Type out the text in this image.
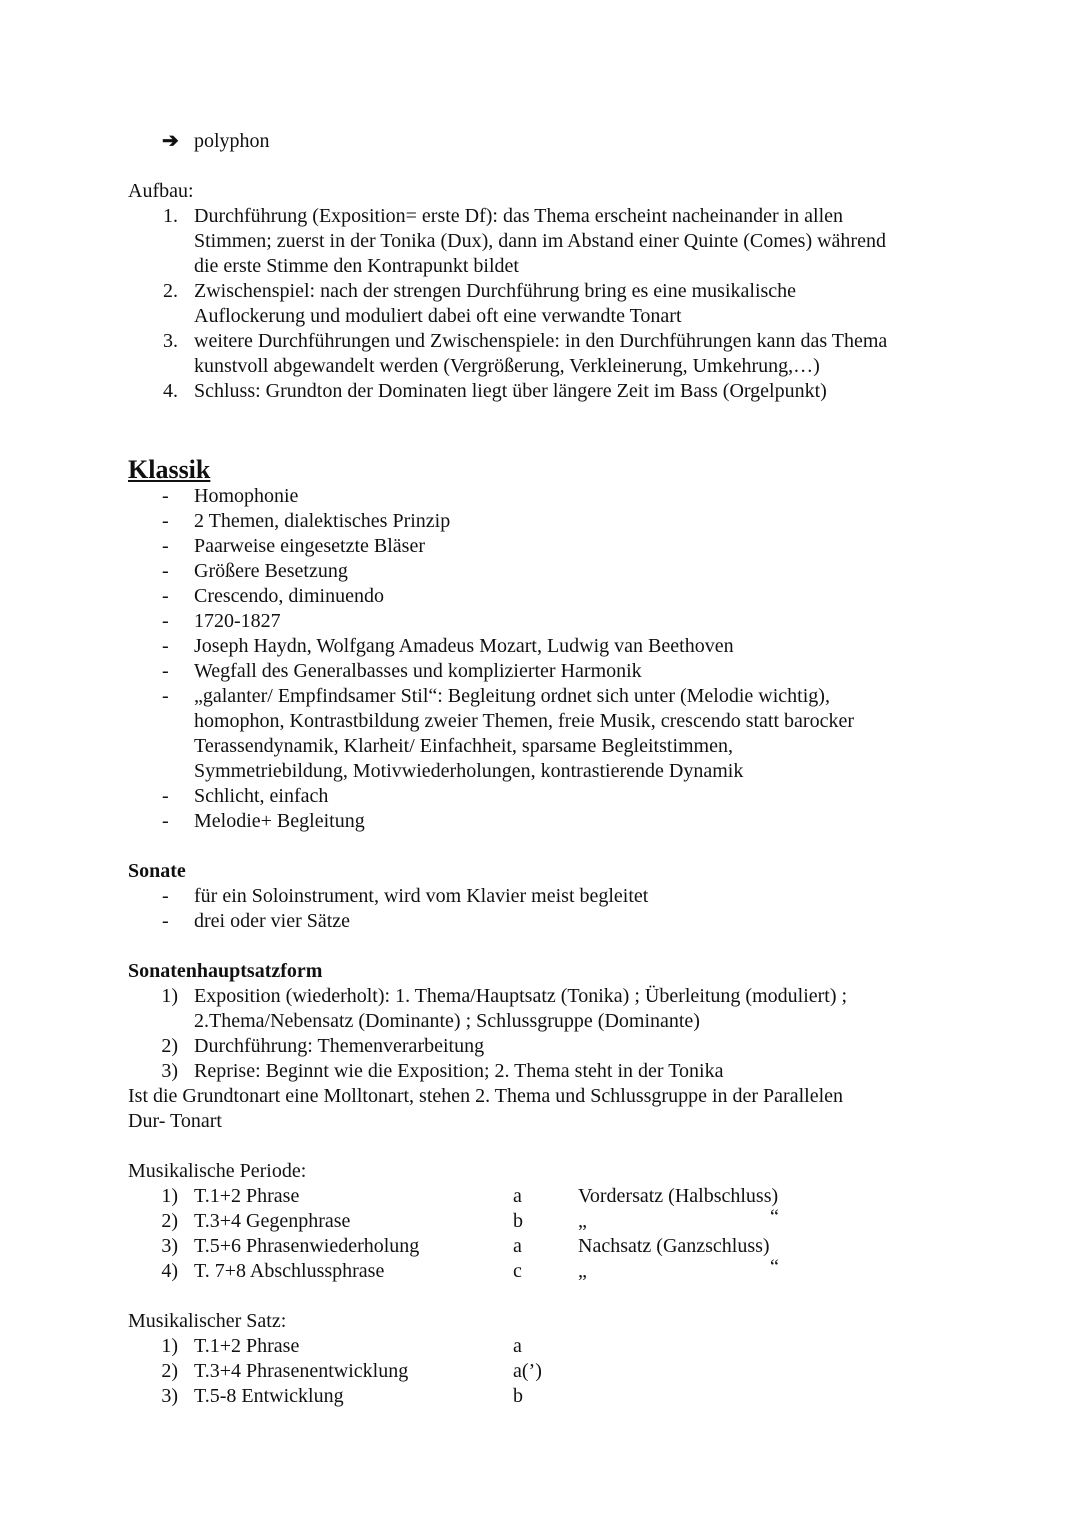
➔ polyphon
Aufbau:
1. Durchführung (Exposition= erste Df): das Thema erscheint nacheinander in allen
Stimmen; zuerst in der Tonika (Dux), dann im Abstand einer Quinte (Comes) während
die erste Stimme den Kontrapunkt bildet
2. Zwischenspiel: nach der strengen Durchführung bring es eine musikalische
Auflockerung und moduliert dabei oft eine verwandte Tonart
3. weitere Durchführungen und Zwischenspiele: in den Durchführungen kann das Thema
kunstvoll abgewandelt werden (Vergrößerung, Verkleinerung, Umkehrung,…)
4. Schluss: Grundton der Dominaten liegt über längere Zeit im Bass (Orgelpunkt)
Klassik
- Homophonie
- 2 Themen, dialektisches Prinzip
- Paarweise eingesetzte Bläser
- Größere Besetzung
- Crescendo, diminuendo
- 1720-1827
- Joseph Haydn, Wolfgang Amadeus Mozart, Ludwig van Beethoven
- Wegfall des Generalbasses und komplizierter Harmonik
- „galanter/ Empfindsamer Stil“: Begleitung ordnet sich unter (Melodie wichtig),
homophon, Kontrastbildung zweier Themen, freie Musik, crescendo statt barocker
Terassendynamik, Klarheit/ Einfachheit, sparsame Begleitstimmen,
Symmetriebildung, Motivwiederholungen, kontrastierende Dynamik
- Schlicht, einfach
- Melodie+ Begleitung
Sonate
- für ein Soloinstrument, wird vom Klavier meist begleitet
- drei oder vier Sätze
Sonatenhauptsatzform
1) Exposition (wiederholt): 1. Thema/Hauptsatz (Tonika) ; Überleitung (moduliert) ;
2.Thema/Nebensatz (Dominante) ; Schlussgruppe (Dominante)
2) Durchführung: Themenverarbeitung
3) Reprise: Beginnt wie die Exposition; 2. Thema steht in der Tonika
Ist die Grundtonart eine Molltonart, stehen 2. Thema und Schlussgruppe in der Parallelen
Dur- Tonart
Musikalische Periode:
1) T.1+2 Phrase	a	Vordersatz (Halbschluss)
2) T.3+4 Gegenphrase	b	„	“
3) T.5+6 Phrasenwiederholung	a	Nachsatz (Ganzschluss)
4) T. 7+8 Abschlussphrase	c	„	“
Musikalischer Satz:
1) T.1+2 Phrase	a
2) T.3+4 Phrasenentwicklung	a(’)
3) T.5-8 Entwicklung	b
